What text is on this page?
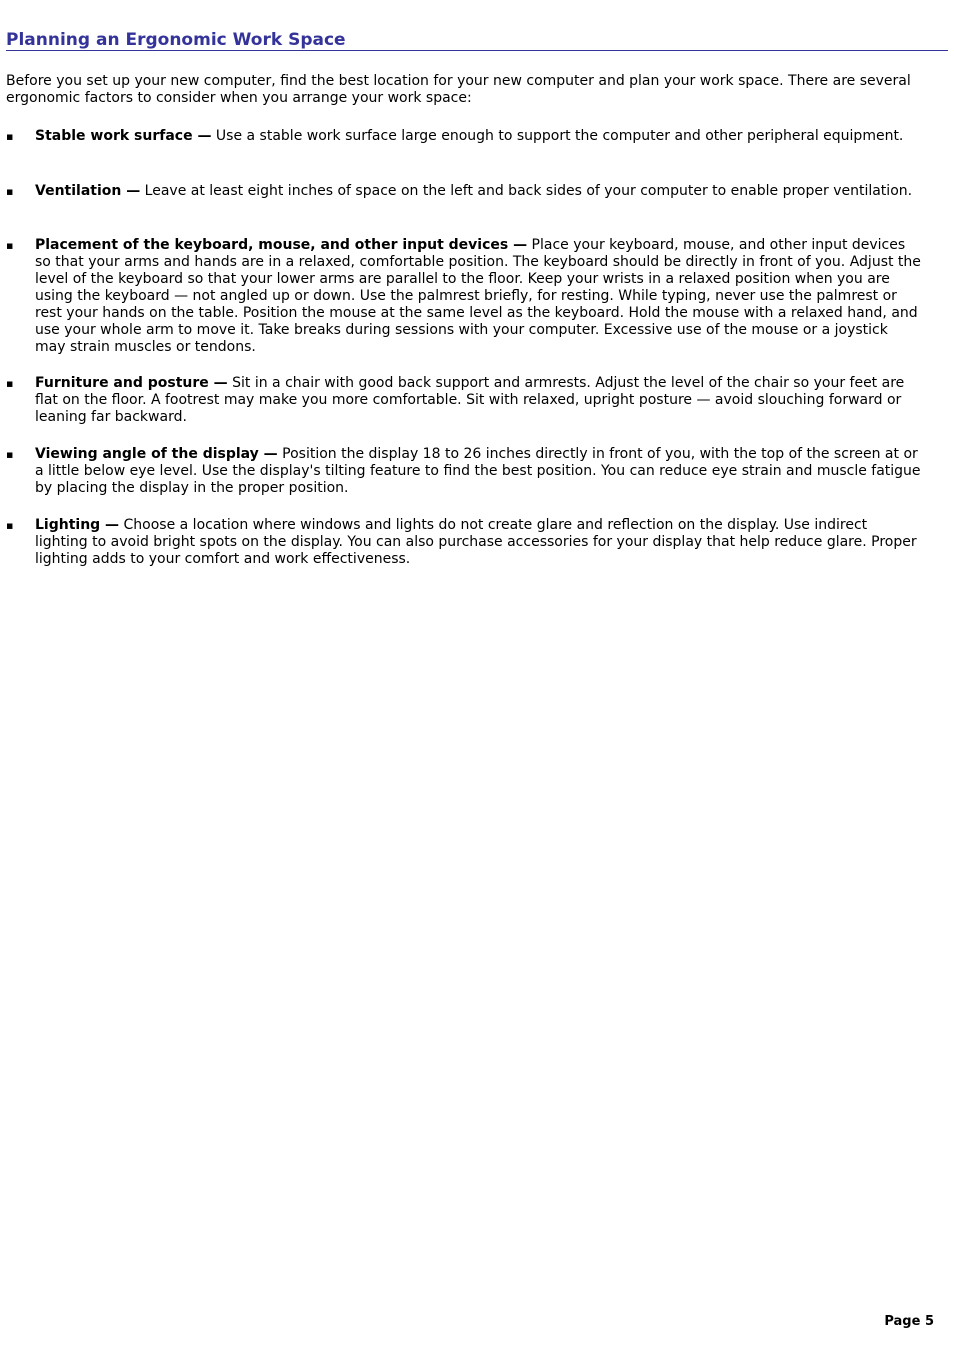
Planning an Ergonomic Work Space

Before you set up your new computer, find the best location for your new computer and plan your work space. There are several ergonomic factors to consider when you arrange your work space:

▪ Stable work surface — Use a stable work surface large enough to support the computer and other peripheral equipment.

▪ Ventilation — Leave at least eight inches of space on the left and back sides of your computer to enable proper ventilation.

▪ Placement of the keyboard, mouse, and other input devices — Place your keyboard, mouse, and other input devices so that your arms and hands are in a relaxed, comfortable position. The keyboard should be directly in front of you. Adjust the level of the keyboard so that your lower arms are parallel to the floor. Keep your wrists in a relaxed position when you are using the keyboard — not angled up or down. Use the palmrest briefly, for resting. While typing, never use the palmrest or rest your hands on the table. Position the mouse at the same level as the keyboard. Hold the mouse with a relaxed hand, and use your whole arm to move it. Take breaks during sessions with your computer. Excessive use of the mouse or a joystick may strain muscles or tendons.

▪ Furniture and posture — Sit in a chair with good back support and armrests. Adjust the level of the chair so your feet are flat on the floor. A footrest may make you more comfortable. Sit with relaxed, upright posture — avoid slouching forward or leaning far backward.

▪ Viewing angle of the display — Position the display 18 to 26 inches directly in front of you, with the top of the screen at or a little below eye level. Use the display's tilting feature to find the best position. You can reduce eye strain and muscle fatigue by placing the display in the proper position.

▪ Lighting — Choose a location where windows and lights do not create glare and reflection on the display. Use indirect lighting to avoid bright spots on the display. You can also purchase accessories for your display that help reduce glare. Proper lighting adds to your comfort and work effectiveness.

Page 5
